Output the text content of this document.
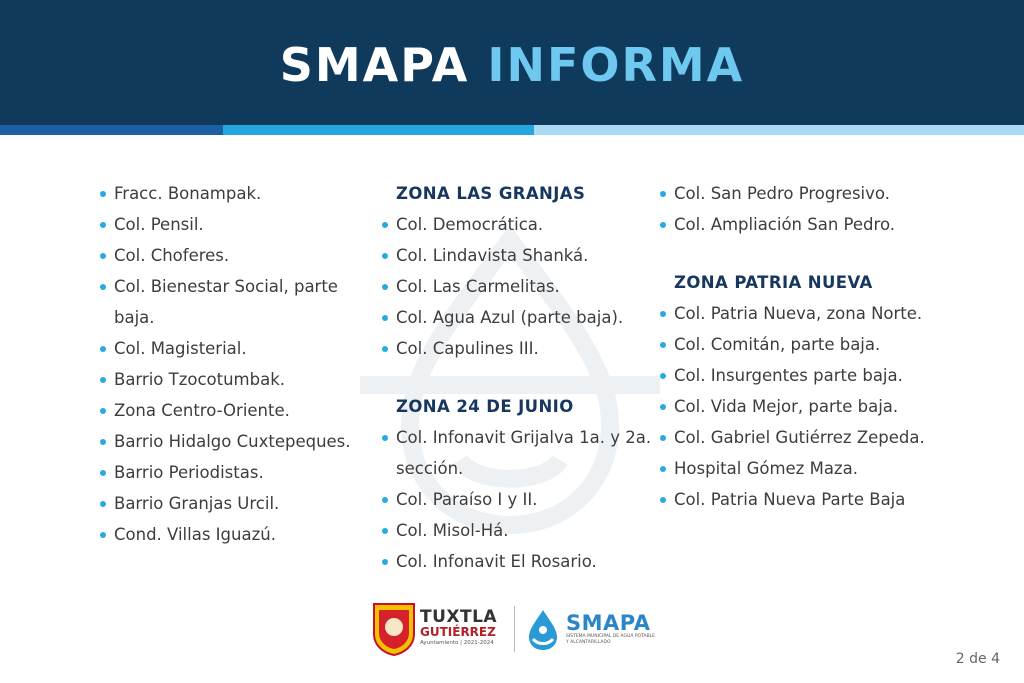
SMAPA INFORMA
Fracc. Bonampak.
Col. Pensil.
Col. Choferes.
Col. Bienestar Social, parte baja.
Col. Magisterial.
Barrio Tzocotumbak.
Zona Centro-Oriente.
Barrio Hidalgo Cuxtepeques.
Barrio Periodistas.
Barrio Granjas Urcil.
Cond. Villas Iguazú.
ZONA LAS GRANJAS
Col. Democrática.
Col. Lindavista Shanká.
Col. Las Carmelitas.
Col. Agua Azul (parte baja).
Col. Capulines III.
ZONA 24 DE JUNIO
Col. Infonavit Grijalva 1a. y 2a. sección.
Col. Paraíso I y II.
Col. Misol-Há.
Col. Infonavit El Rosario.
Col. San Pedro Progresivo.
Col. Ampliación San Pedro.
ZONA PATRIA NUEVA
Col. Patria Nueva, zona Norte.
Col. Comitán, parte baja.
Col. Insurgentes parte baja.
Col. Vida Mejor, parte baja.
Col. Gabriel Gutiérrez Zepeda.
Hospital Gómez Maza.
Col. Patria Nueva Parte Baja
TUXTLA
GUTIÉRREZ
Ayuntamiento | 2021-2024
SMAPA
SISTEMA MUNICIPAL DE AGUA POTABLE Y ALCANTARILLADO
2 de 4
